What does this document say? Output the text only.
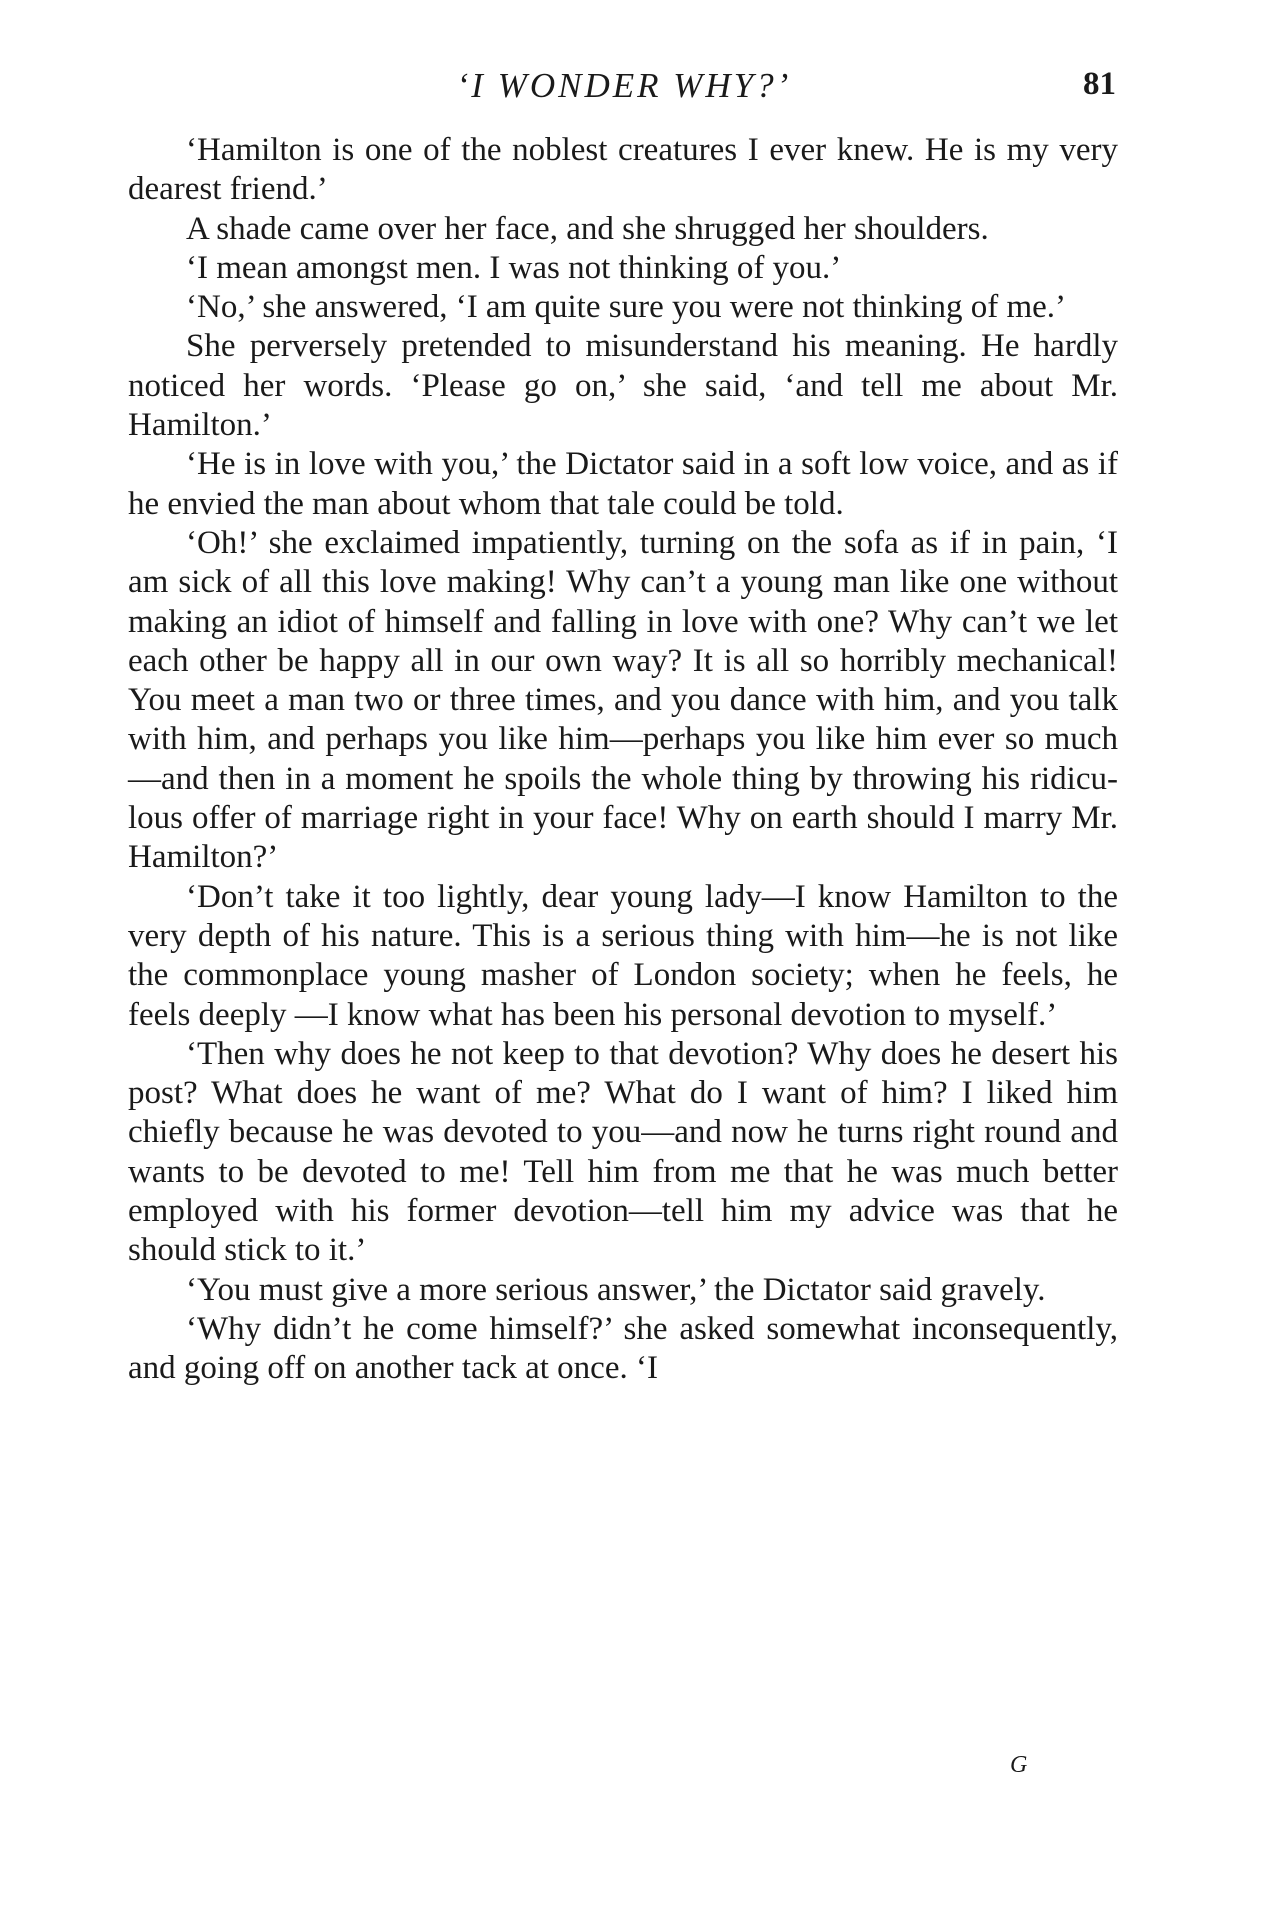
‘I WONDER WHY?’	81

‘Hamilton is one of the noblest creatures I ever knew. He is my very dearest friend.’

A shade came over her face, and she shrugged her shoulders.

‘I mean amongst men. I was not thinking of you.’

‘No,’ she answered, ‘I am quite sure you were not thinking of me.’

She perversely pretended to misunderstand his meaning. He hardly noticed her words. ‘Please go on,’ she said, ‘and tell me about Mr. Hamilton.’

‘He is in love with you,’ the Dictator said in a soft low voice, and as if he envied the man about whom that tale could be told.

‘Oh!’ she exclaimed impatiently, turning on the sofa as if in pain, ‘I am sick of all this love making! Why can’t a young man like one without making an idiot of himself and falling in love with one? Why can’t we let each other be happy all in our own way? It is all so horribly mechanical! You meet a man two or three times, and you dance with him, and you talk with him, and perhaps you like him—perhaps you like him ever so much—and then in a moment he spoils the whole thing by throwing his ridiculous offer of marriage right in your face! Why on earth should I marry Mr. Hamilton?’

‘Don’t take it too lightly, dear young lady—I know Hamilton to the very depth of his nature. This is a serious thing with him—he is not like the commonplace young masher of London society; when he feels, he feels deeply —I know what has been his personal devotion to myself.’

‘Then why does he not keep to that devotion? Why does he desert his post? What does he want of me? What do I want of him? I liked him chiefly because he was devoted to you—and now he turns right round and wants to be devoted to me! Tell him from me that he was much better employed with his former devotion—tell him my advice was that he should stick to it.’

‘You must give a more serious answer,’ the Dictator said gravely.

‘Why didn’t he come himself?’ she asked somewhat inconsequently, and going off on another tack at once. ‘I

G
